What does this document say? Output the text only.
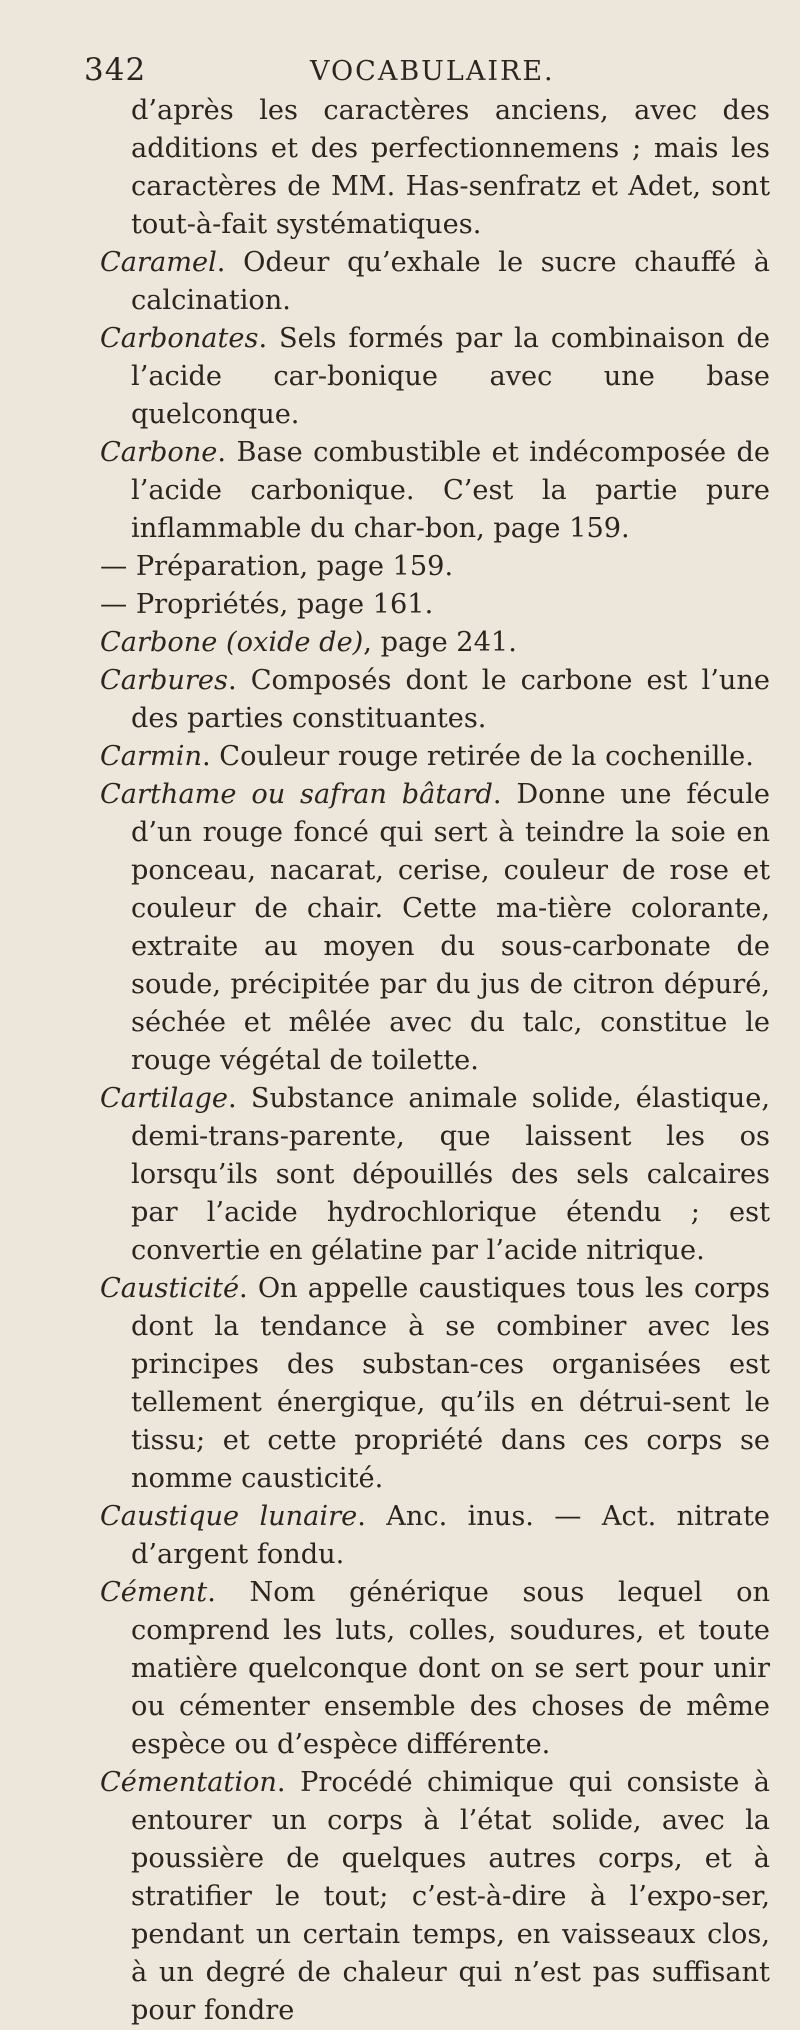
342	VOCABULAIRE.

d’après les caractères anciens, avec des additions et des perfectionnemens ; mais les caractères de MM. Has-senfratz et Adet, sont tout-à-fait systématiques.

Caramel. Odeur qu’exhale le sucre chauffé à calcination.

Carbonates. Sels formés par la combinaison de l’acide car-bonique avec une base quelconque.

Carbone. Base combustible et indécomposée de l’acide carbonique. C’est la partie pure inflammable du char-bon, page 159.

— Préparation, page 159.

— Propriétés, page 161.

Carbone (oxide de), page 241.

Carbures. Composés dont le carbone est l’une des parties constituantes.

Carmin. Couleur rouge retirée de la cochenille.

Carthame ou safran bâtard. Donne une fécule d’un rouge foncé qui sert à teindre la soie en ponceau, nacarat, cerise, couleur de rose et couleur de chair. Cette ma-tière colorante, extraite au moyen du sous-carbonate de soude, précipitée par du jus de citron dépuré, séchée et mêlée avec du talc, constitue le rouge végétal de toilette.

Cartilage. Substance animale solide, élastique, demi-trans-parente, que laissent les os lorsqu’ils sont dépouillés des sels calcaires par l’acide hydrochlorique étendu ; est convertie en gélatine par l’acide nitrique.

Causticité. On appelle caustiques tous les corps dont la tendance à se combiner avec les principes des substan-ces organisées est tellement énergique, qu’ils en détrui-sent le tissu; et cette propriété dans ces corps se nomme causticité.

Caustique lunaire. Anc. inus. — Act. nitrate d’argent fondu.

Cément. Nom générique sous lequel on comprend les luts, colles, soudures, et toute matière quelconque dont on se sert pour unir ou cémenter ensemble des choses de même espèce ou d’espèce différente.

Cémentation. Procédé chimique qui consiste à entourer un corps à l’état solide, avec la poussière de quelques autres corps, et à stratifier le tout; c’est-à-dire à l’expo-ser, pendant un certain temps, en vaisseaux clos, à un degré de chaleur qui n’est pas suffisant pour fondre
